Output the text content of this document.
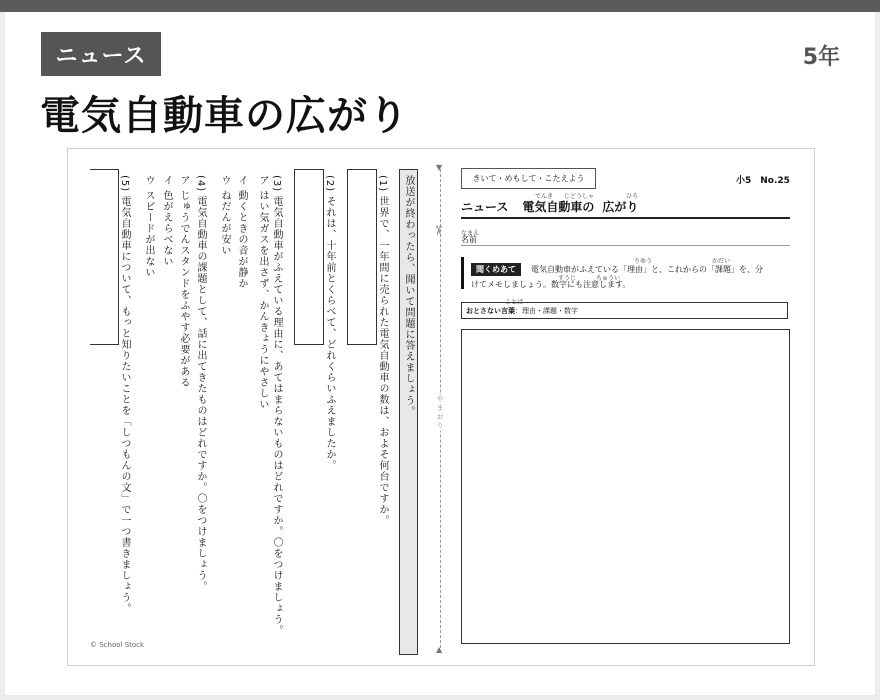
ニュース	5年
電気自動車の広がり
放送が終わったら、聞いて問題に答えましょう。
(1) 世界で、一年間に売られた電気自動車の数は、およそ何台ですか。
(2) それは、十年前とくらべて、どれくらいふえましたか。
(3) 電気自動車がふえている理由に、あてはまらないものはどれですか。〇をつけましょう。
ア はい気ガスを出さず、かんきょうにやさしい
イ 動くときの音が静か
ウ ねだんが安い
(4) 電気自動車の課題として、話に出てきたものはどれですか。〇をつけましょう。
ア じゅうでんスタンドをふやす必要がある
イ 色がえらべない
ウ スピードが出ない
(5) 電気自動車について、もっと知りたいことを「しつもんの文」で一つ書きましょう。
© School Stock
▼
▲
✂
やまおり
きいて・めもして・こたえよう	小5　No.25
でんき じどうしゃ	ひろ
ニュース 電気自動車の 広がり
なまえ
名前
聞くめあて
りゆう	かだい
電気自動車がふえている「理由」と、これからの「課題」を、分
すうじ	ちゅうい
けてメモしましょう。数字にも注意します。
ことば
おとさない言葉 ：理由・課題・数字
